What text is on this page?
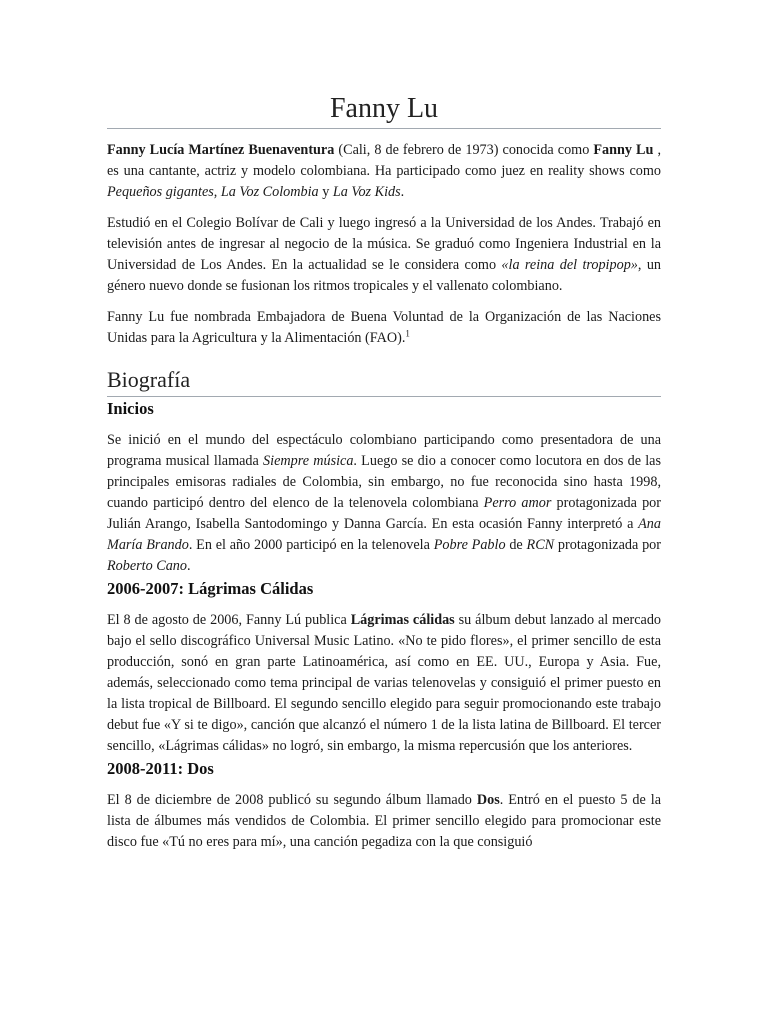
Fanny Lu

Fanny Lucía Martínez Buenaventura (Cali, 8 de febrero de 1973) conocida como Fanny Lu , es una cantante, actriz y modelo colombiana. Ha participado como juez en reality shows como Pequeños gigantes, La Voz Colombia y La Voz Kids.

Estudió en el Colegio Bolívar de Cali y luego ingresó a la Universidad de los Andes. Trabajó en televisión antes de ingresar al negocio de la música. Se graduó como Ingeniera Industrial en la Universidad de Los Andes. En la actualidad se le considera como «la reina del tropipop», un género nuevo donde se fusionan los ritmos tropicales y el vallenato colombiano.

Fanny Lu fue nombrada Embajadora de Buena Voluntad de la Organización de las Naciones Unidas para la Agricultura y la Alimentación (FAO).$^1$

Biografía
Inicios

Se inició en el mundo del espectáculo colombiano participando como presentadora de una programa musical llamada Siempre música. Luego se dio a conocer como locutora en dos de las principales emisoras radiales de Colombia, sin embargo, no fue reconocida sino hasta 1998, cuando participó dentro del elenco de la telenovela colombiana Perro amor protagonizada por Julián Arango, Isabella Santodomingo y Danna García. En esta ocasión Fanny interpretó a Ana María Brando. En el año 2000 participó en la telenovela Pobre Pablo de RCN protagonizada por Roberto Cano.

2006-2007: Lágrimas Cálidas

El 8 de agosto de 2006, Fanny Lú publica Lágrimas cálidas su álbum debut lanzado al mercado bajo el sello discográfico Universal Music Latino. «No te pido flores», el primer sencillo de esta producción, sonó en gran parte Latinoamérica, así como en EE. UU., Europa y Asia. Fue, además, seleccionado como tema principal de varias telenovelas y consiguió el primer puesto en la lista tropical de Billboard. El segundo sencillo elegido para seguir promocionando este trabajo debut fue «Y si te digo», canción que alcanzó el número 1 de la lista latina de Billboard. El tercer sencillo, «Lágrimas cálidas» no logró, sin embargo, la misma repercusión que los anteriores.

2008-2011: Dos

El 8 de diciembre de 2008 publicó su segundo álbum llamado Dos. Entró en el puesto 5 de la lista de álbumes más vendidos de Colombia. El primer sencillo elegido para promocionar este disco fue «Tú no eres para mí», una canción pegadiza con la que consiguió
